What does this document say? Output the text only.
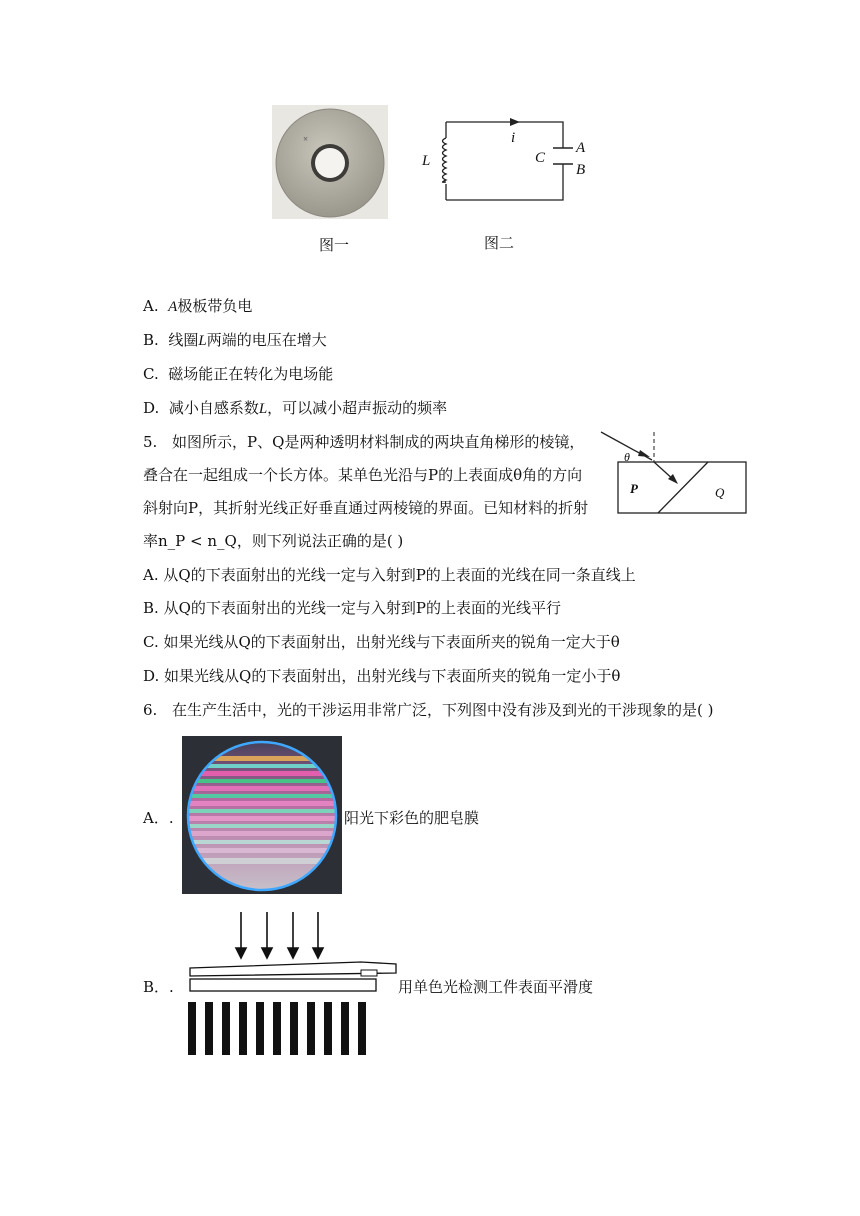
×
图一
L
i
C
A
B
图二
A. A极板带负电
B. 线圈L两端的电压在增大
C. 磁场能正在转化为电场能
D. 减小自感系数L，可以减小超声振动的频率
5. 如图所示，P、Q是两种透明材料制成的两块直角梯形的棱镜，
叠合在一起组成一个长方体。某单色光沿与P的上表面成θ角的方向
斜射向P，其折射光线正好垂直通过两棱镜的界面。已知材料的折射
率n_P < n_Q，则下列说法正确的是( )
θ
P	Q
A. 从Q的下表面射出的光线一定与入射到P的上表面的光线在同一条直线上
B. 从Q的下表面射出的光线一定与入射到P的上表面的光线平行
C. 如果光线从Q的下表面射出，出射光线与下表面所夹的锐角一定大于θ
D. 如果光线从Q的下表面射出，出射光线与下表面所夹的锐角一定小于θ
6. 在生产生活中，光的干涉运用非常广泛，下列图中没有涉及到光的干涉现象的是( )
A．.	阳光下彩色的肥皂膜
B．.	用单色光检测工件表面平滑度
